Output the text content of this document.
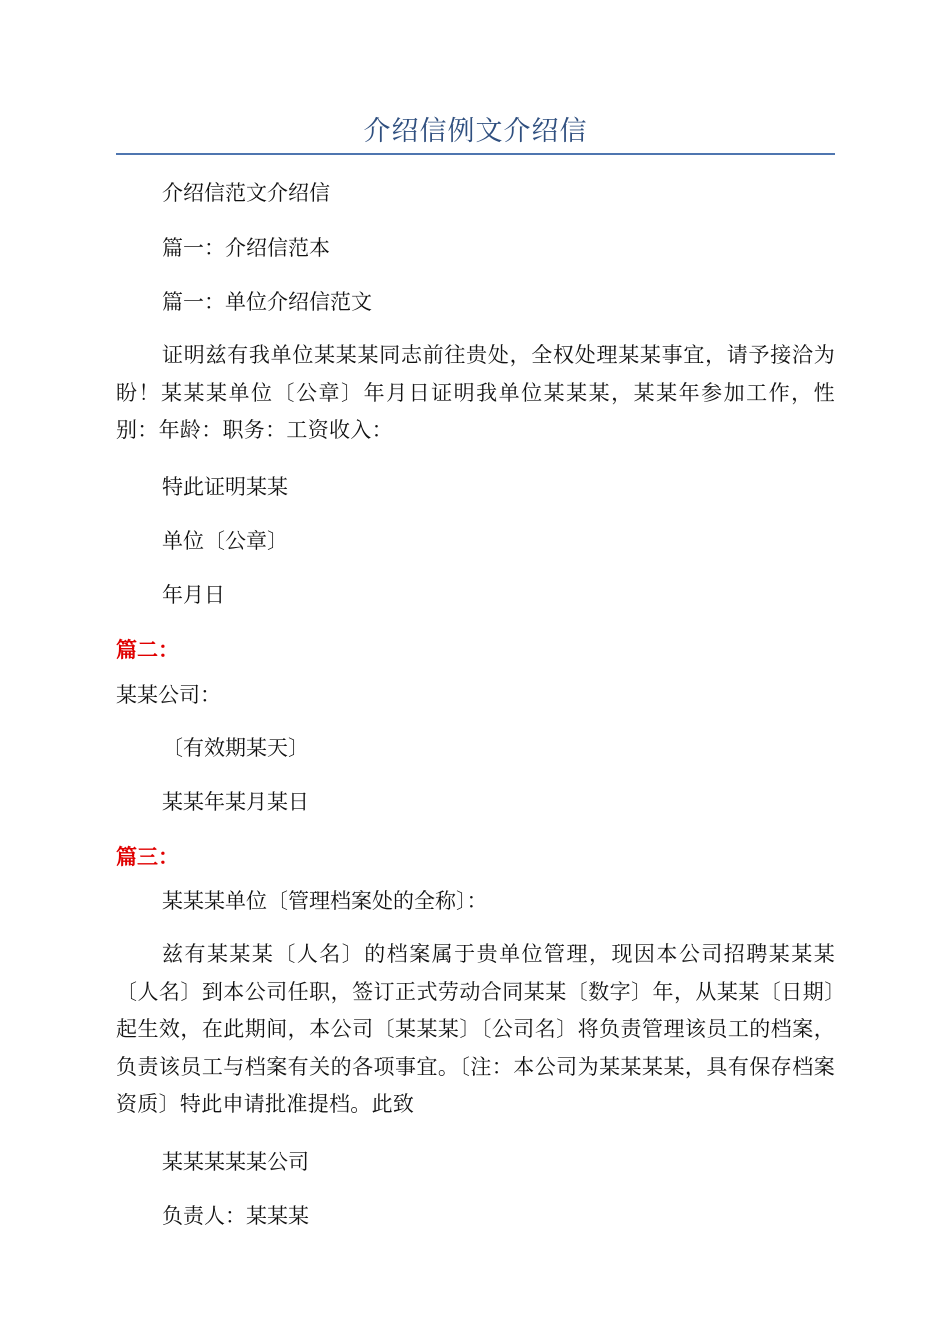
介绍信例文介绍信
介绍信范文介绍信
篇一：介绍信范本
篇一：单位介绍信范文
证明兹有我单位某某某同志前往贵处，全权处理某某事宜，请予接洽为盼！某某某单位〔公章〕年月日证明我单位某某某，某某年参加工作，性别：年龄：职务：工资收入：
特此证明某某
单位〔公章〕
年月日
篇二：
某某公司：
〔有效期某天〕
某某年某月某日
篇三：
某某某单位〔管理档案处的全称〕：
兹有某某某〔人名〕的档案属于贵单位管理，现因本公司招聘某某某〔人名〕到本公司任职，签订正式劳动合同某某〔数字〕年，从某某〔日期〕起生效，在此期间，本公司〔某某某〕〔公司名〕将负责管理该员工的档案，负责该员工与档案有关的各项事宜。〔注：本公司为某某某某，具有保存档案资质〕特此申请批准提档。此致
某某某某某公司
负责人：某某某
